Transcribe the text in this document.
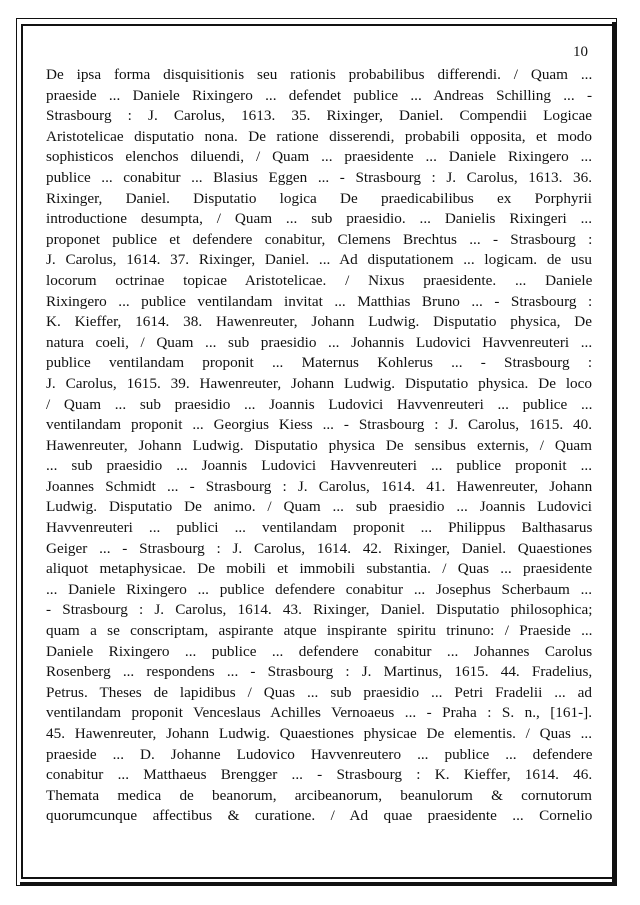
10
De ipsa forma disquisitionis seu rationis probabilibus differendi. / Quam ...
praeside ... Daniele Rixingero ... defendet publice ... Andreas Schilling ... -
Strasbourg : J. Carolus, 1613. 35. Rixinger, Daniel. Compendii Logicae
Aristotelicae disputatio nona. De ratione disserendi, probabili opposita, et modo
sophisticos elenchos diluendi, / Quam ... praesidente ... Daniele Rixingero ...
publice ... conabitur ... Blasius Eggen ... - Strasbourg : J. Carolus, 1613. 36.
Rixinger, Daniel. Disputatio logica De praedicabilibus ex Porphyrii
introductione desumpta, / Quam ... sub praesidio. ... Danielis Rixingeri ...
proponet publice et defendere conabitur, Clemens Brechtus ... - Strasbourg :
J. Carolus, 1614. 37. Rixinger, Daniel. ... Ad disputationem ... logicam. de usu
locorum octrinae topicae Aristotelicae. / Nixus praesidente. ... Daniele
Rixingero ... publice ventilandam invitat ... Matthias Bruno ... - Strasbourg :
K. Kieffer, 1614. 38. Hawenreuter, Johann Ludwig. Disputatio physica, De
natura coeli, / Quam ... sub praesidio ... Johannis Ludovici Havvenreuteri ...
publice ventilandam proponit ... Maternus Kohlerus ... - Strasbourg :
J. Carolus, 1615. 39. Hawenreuter, Johann Ludwig. Disputatio physica. De loco
/ Quam ... sub praesidio ... Joannis Ludovici Havvenreuteri ... publice ...
ventilandam proponit ... Georgius Kiess ... - Strasbourg : J. Carolus, 1615. 40.
Hawenreuter, Johann Ludwig. Disputatio physica De sensibus externis, / Quam
... sub praesidio ... Joannis Ludovici Havvenreuteri ... publice proponit ...
Joannes Schmidt ... - Strasbourg : J. Carolus, 1614. 41. Hawenreuter, Johann
Ludwig. Disputatio De animo. / Quam ... sub praesidio ... Joannis Ludovici
Havvenreuteri ... publici ... ventilandam proponit ... Philippus Balthasarus
Geiger ... - Strasbourg : J. Carolus, 1614. 42. Rixinger, Daniel. Quaestiones
aliquot metaphysicae. De mobili et immobili substantia. / Quas ... praesidente
... Daniele Rixingero ... publice defendere conabitur ... Josephus Scherbaum ...
- Strasbourg : J. Carolus, 1614. 43. Rixinger, Daniel. Disputatio philosophica;
quam a se conscriptam, aspirante atque inspirante spiritu trinuno: / Praeside ...
Daniele Rixingero ... publice ... defendere conabitur ... Johannes Carolus
Rosenberg ... respondens ... - Strasbourg : J. Martinus, 1615. 44. Fradelius,
Petrus. Theses de lapidibus / Quas ... sub praesidio ... Petri Fradelii ... ad
ventilandam proponit Venceslaus Achilles Vernoaeus ... - Praha : S. n., [161-].
45. Hawenreuter, Johann Ludwig. Quaestiones physicae De elementis. / Quas ...
praeside ... D. Johanne Ludovico Havvenreutero ... publice ... defendere
conabitur ... Matthaeus Brengger ... - Strasbourg : K. Kieffer, 1614. 46.
Themata medica de beanorum, arcibeanorum, beanulorum & cornutorum
quorumcunque affectibus & curatione. / Ad quae praesidente ... Cornelio
